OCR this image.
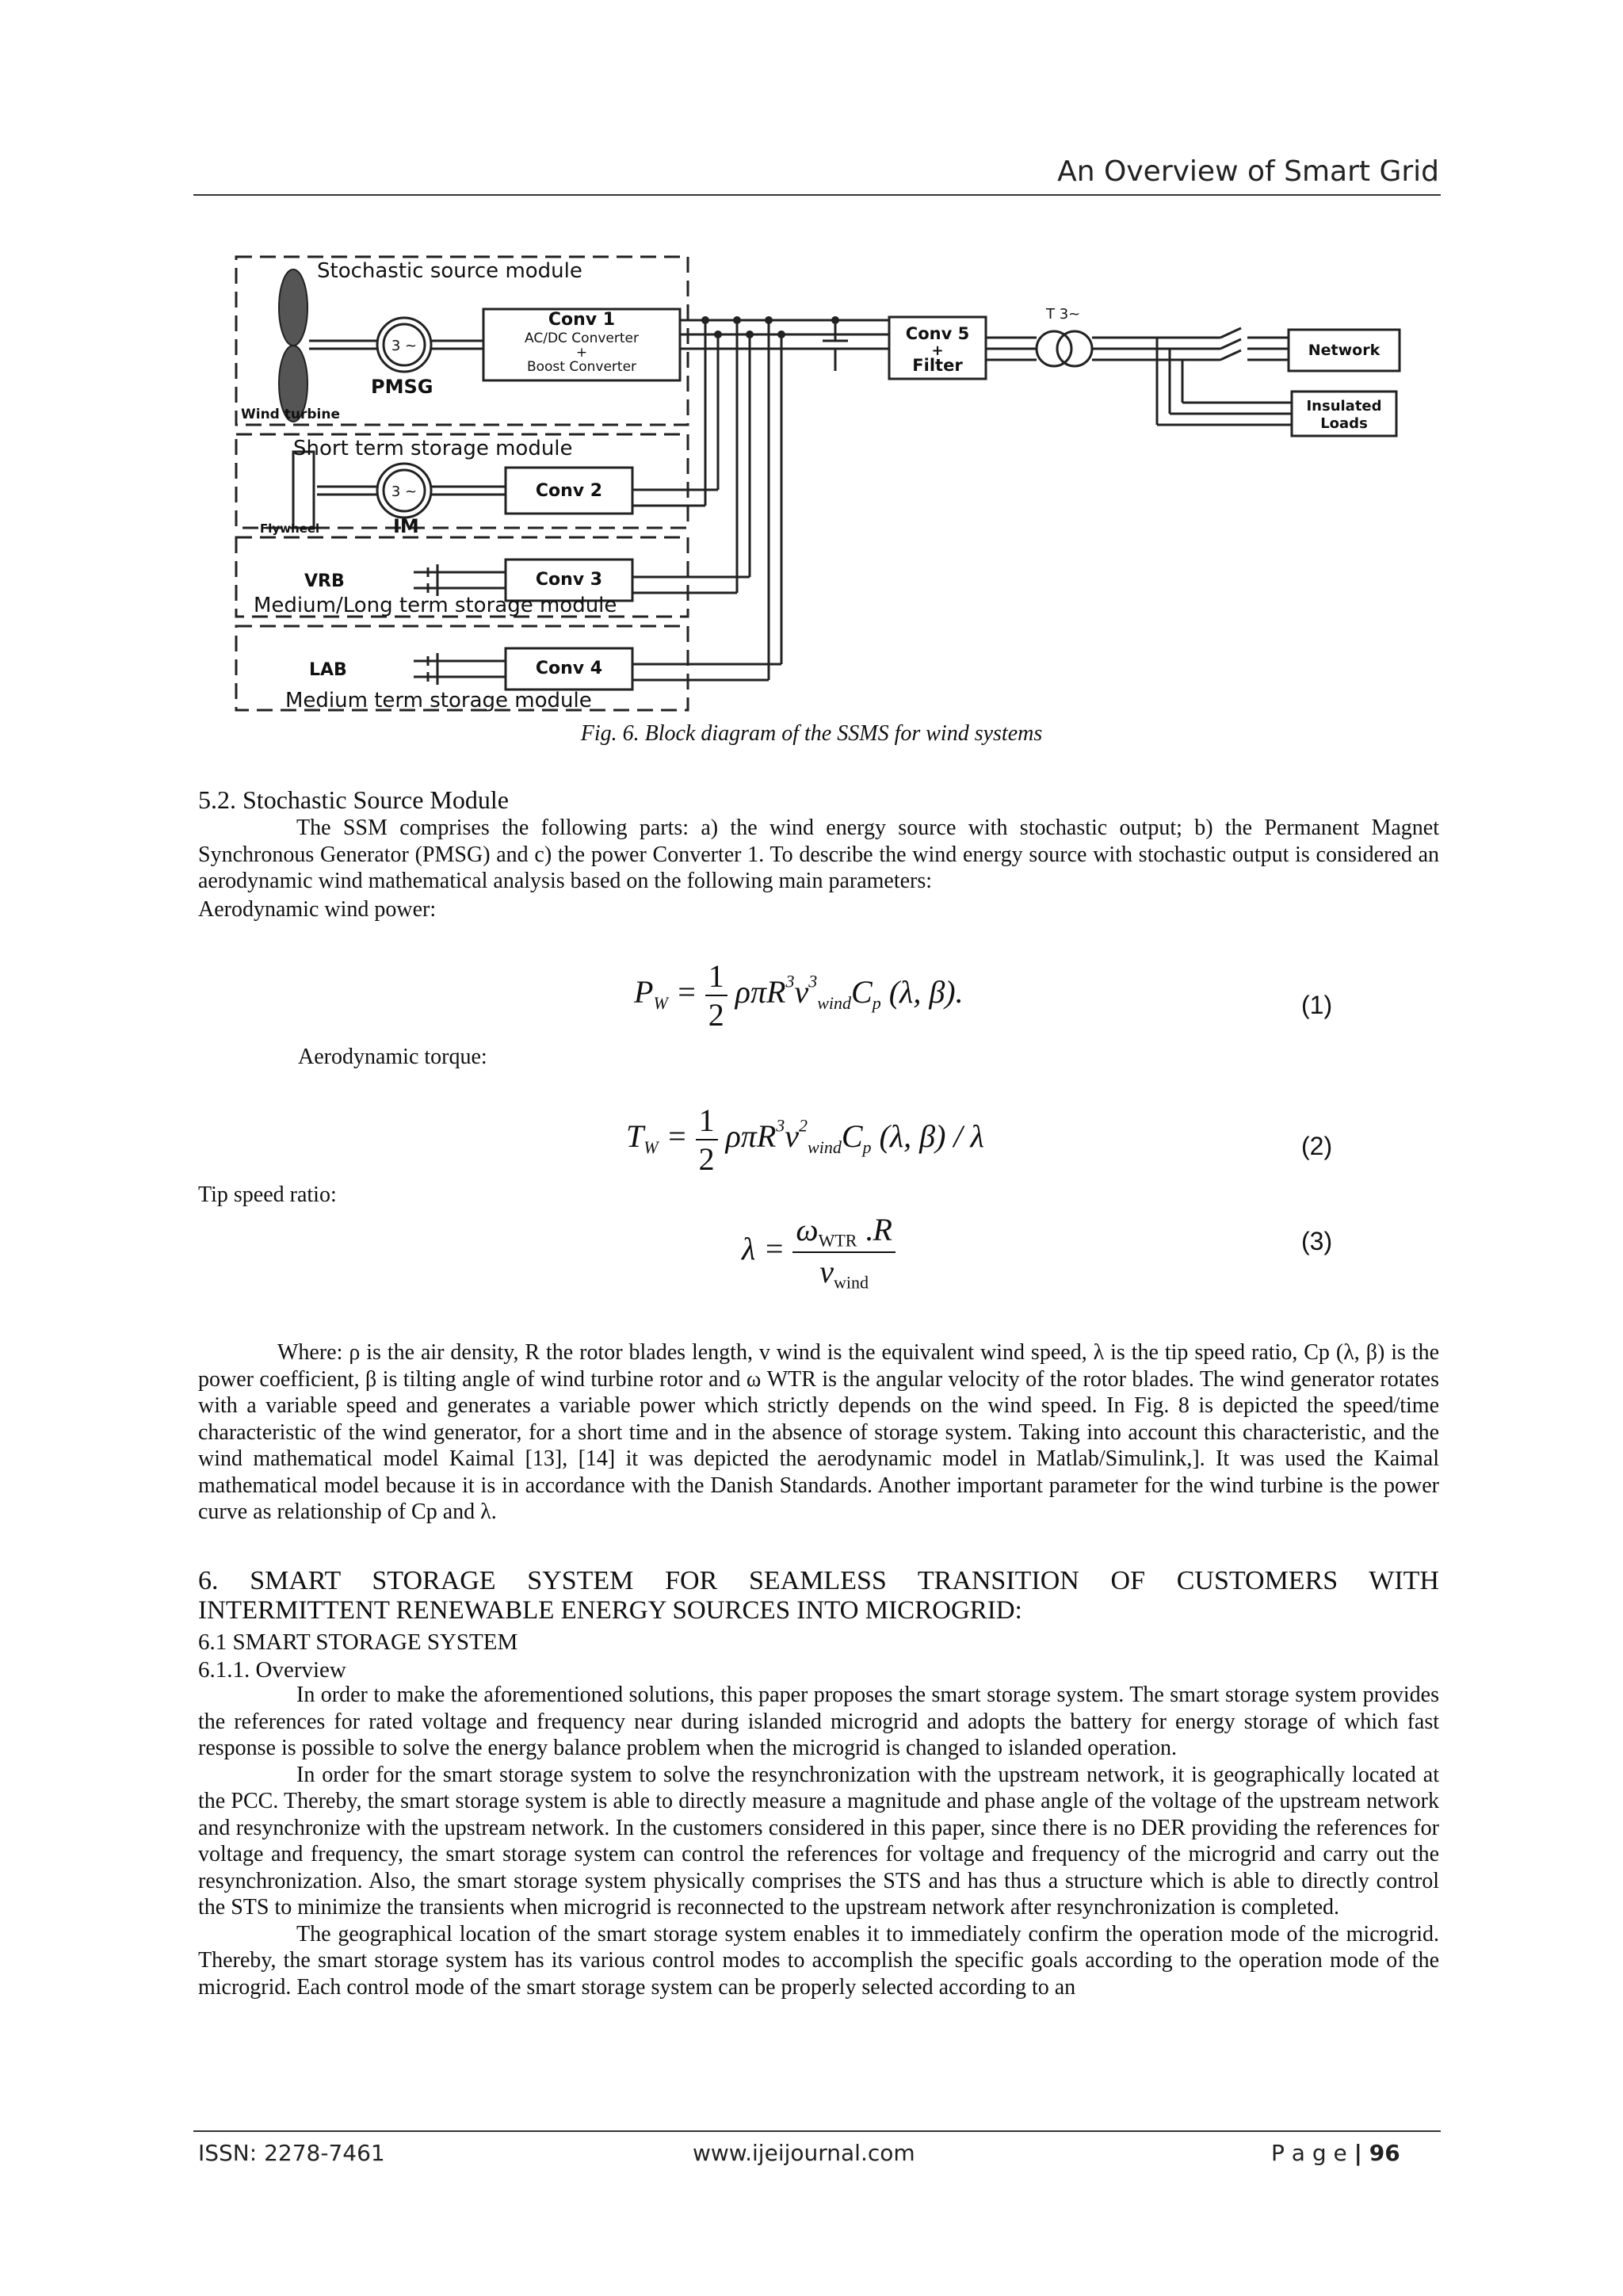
An Overview of Smart Grid
Stochastic source module
Conv 1
AC/DC Converter
+
Boost Converter
3 ~
PMSG
Wind turbine
Short term storage module
Conv 2
3 ~
IM
Flywheel
VRB	Conv 3
Medium/Long term storage module
LAB	Conv 4
Medium term storage module
Conv 5
+
Filter
T 3~
Network
Insulated
Loads
Fig. 6. Block diagram of the SSMS for wind systems
5.2. Stochastic Source Module

The SSM comprises the following parts: a) the wind energy source with stochastic output; b) the Permanent Magnet Synchronous Generator (PMSG) and c) the power Converter 1. To describe the wind energy source with stochastic output is considered an aerodynamic wind mathematical analysis based on the following main parameters:

Aerodynamic wind power:
$P_W = \frac{1}{2} \rho\pi R^3v^3_{wind}C_p$ (λ, β).	(1)
Aerodynamic torque:
$T_W = \frac{1}{2} \rho\pi R^3v^2_{wind}C_p$ (λ, β) / λ	(2)
Tip speed ratio:
$\lambda = \frac{\omega_{WTR} .R}{v_{wind}}$	(3)

Where: ρ is the air density, R the rotor blades length, v wind is the equivalent wind speed, λ is the tip speed ratio, Cp (λ, β) is the power coefficient, β is tilting angle of wind turbine rotor and ω WTR is the angular velocity of the rotor blades. The wind generator rotates with a variable speed and generates a variable power which strictly depends on the wind speed. In Fig. 8 is depicted the speed/time characteristic of the wind generator, for a short time and in the absence of storage system. Taking into account this characteristic, and the wind mathematical model Kaimal [13], [14] it was depicted the aerodynamic model in Matlab/Simulink,]. It was used the Kaimal mathematical model because it is in accordance with the Danish Standards. Another important parameter for the wind turbine is the power curve as relationship of Cp and λ.

6. SMART STORAGE SYSTEM FOR SEAMLESS TRANSITION OF CUSTOMERS WITH
INTERMITTENT RENEWABLE ENERGY SOURCES INTO MICROGRID:
6.1 SMART STORAGE SYSTEM
6.1.1. Overview

In order to make the aforementioned solutions, this paper proposes the smart storage system. The smart storage system provides the references for rated voltage and frequency near during islanded microgrid and adopts the battery for energy storage of which fast response is possible to solve the energy balance problem when the microgrid is changed to islanded operation.

In order for the smart storage system to solve the resynchronization with the upstream network, it is geographically located at the PCC. Thereby, the smart storage system is able to directly measure a magnitude and phase angle of the voltage of the upstream network and resynchronize with the upstream network. In the customers considered in this paper, since there is no DER providing the references for voltage and frequency, the smart storage system can control the references for voltage and frequency of the microgrid and carry out the resynchronization. Also, the smart storage system physically comprises the STS and has thus a structure which is able to directly control the STS to minimize the transients when microgrid is reconnected to the upstream network after resynchronization is completed.

The geographical location of the smart storage system enables it to immediately confirm the operation mode of the microgrid. Thereby, the smart storage system has its various control modes to accomplish the specific goals according to the operation mode of the microgrid. Each control mode of the smart storage system can be properly selected according to an

ISSN: 2278-7461	www.ijeijournal.com	P a g e | 96
